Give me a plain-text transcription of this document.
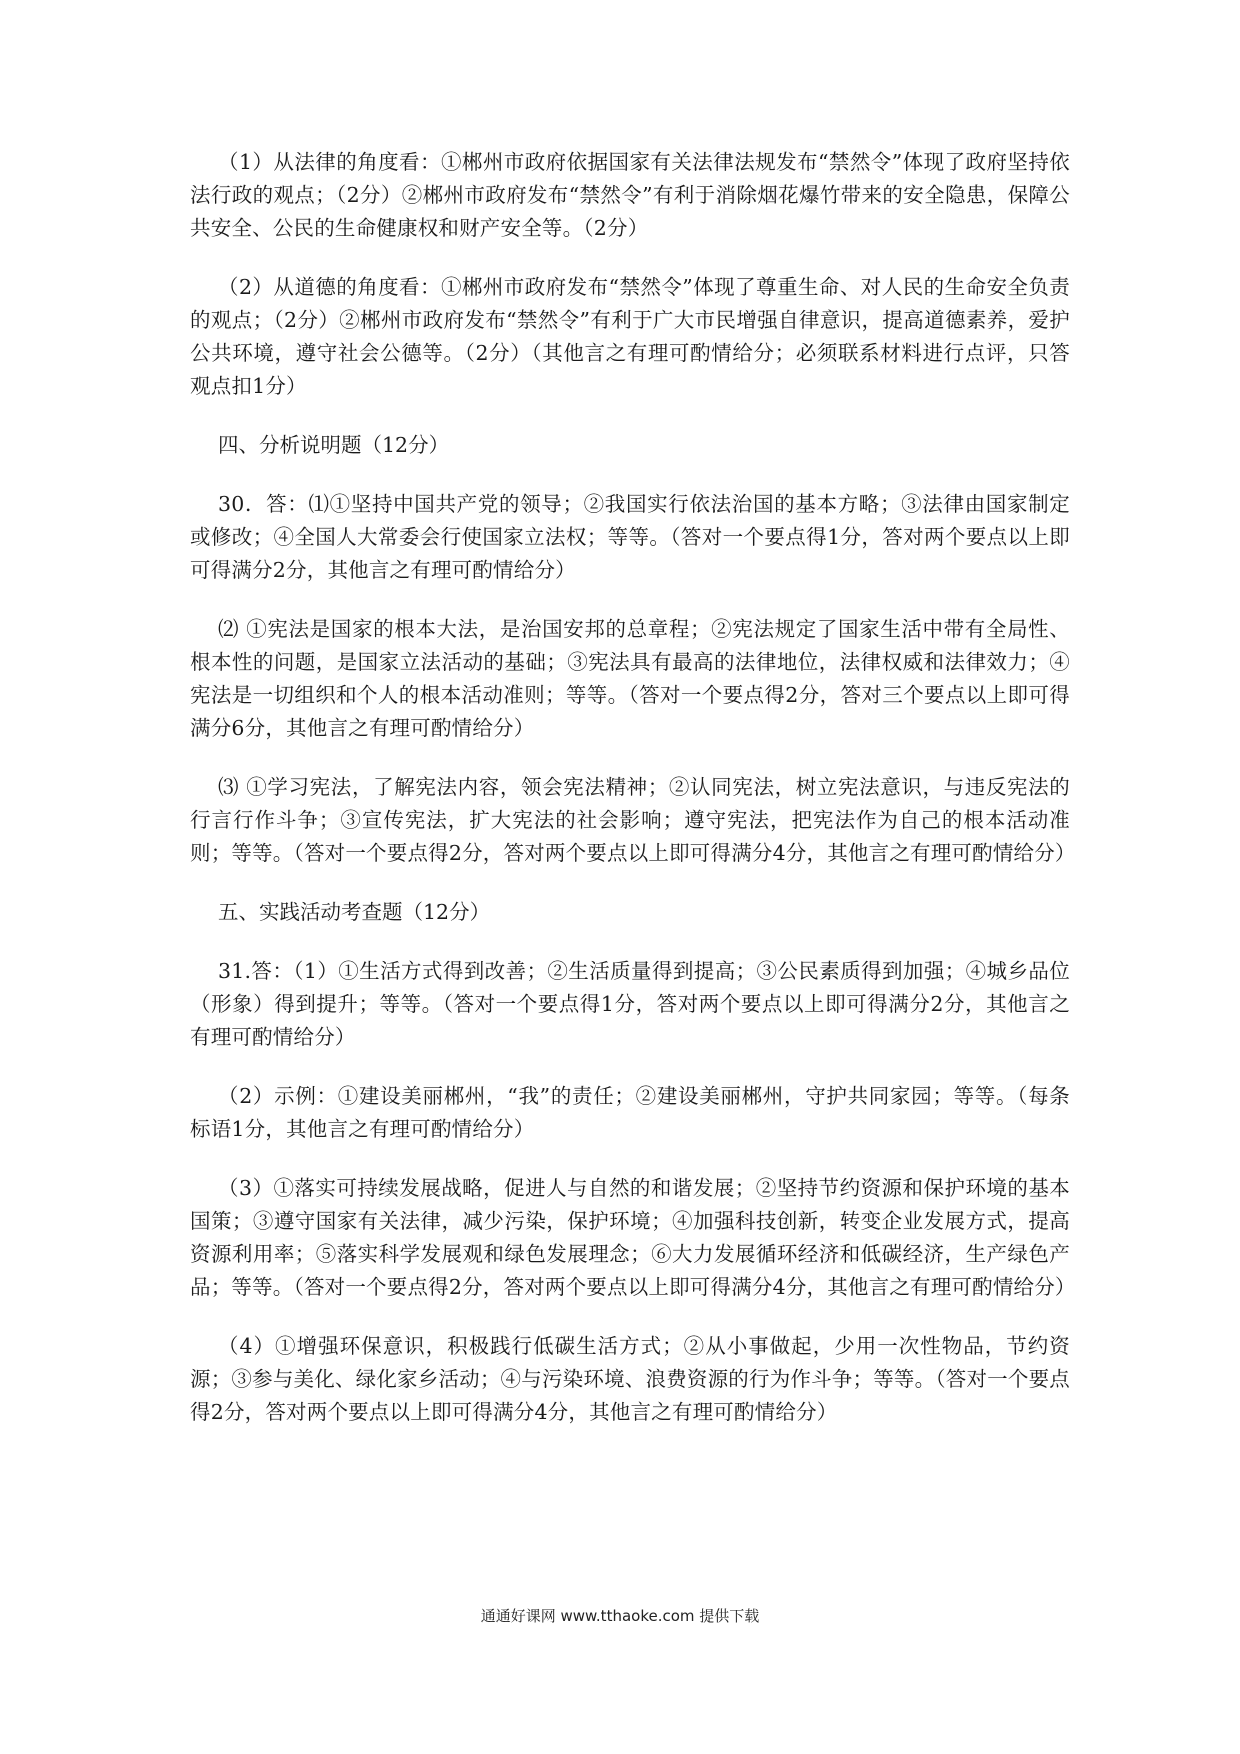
（1）从法律的角度看：①郴州市政府依据国家有关法律法规发布“禁然令”体现了政府坚持依法行政的观点；（2分）②郴州市政府发布“禁然令”有利于消除烟花爆竹带来的安全隐患，保障公共安全、公民的生命健康权和财产安全等。（2分）

（2）从道德的角度看：①郴州市政府发布“禁然令”体现了尊重生命、对人民的生命安全负责的观点；（2分）②郴州市政府发布“禁然令”有利于广大市民增强自律意识，提高道德素养，爱护公共环境，遵守社会公德等。（2分）（其他言之有理可酌情给分；必须联系材料进行点评，只答观点扣1分）

四、分析说明题（12分）

30．答：⑴①坚持中国共产党的领导；②我国实行依法治国的基本方略；③法律由国家制定或修改；④全国人大常委会行使国家立法权；等等。（答对一个要点得1分，答对两个要点以上即可得满分2分，其他言之有理可酌情给分）

⑵ ①宪法是国家的根本大法，是治国安邦的总章程；②宪法规定了国家生活中带有全局性、根本性的问题，是国家立法活动的基础；③宪法具有最高的法律地位，法律权威和法律效力；④宪法是一切组织和个人的根本活动准则；等等。（答对一个要点得2分，答对三个要点以上即可得满分6分，其他言之有理可酌情给分）

⑶ ①学习宪法，了解宪法内容，领会宪法精神；②认同宪法，树立宪法意识，与违反宪法的行言行作斗争；③宣传宪法，扩大宪法的社会影响；遵守宪法，把宪法作为自己的根本活动准则；等等。（答对一个要点得2分，答对两个要点以上即可得满分4分，其他言之有理可酌情给分）

五、实践活动考查题（12分）

31.答：（1）①生活方式得到改善；②生活质量得到提高；③公民素质得到加强；④城乡品位（形象）得到提升；等等。（答对一个要点得1分，答对两个要点以上即可得满分2分，其他言之有理可酌情给分）

（2）示例：①建设美丽郴州，“我”的责任；②建设美丽郴州，守护共同家园；等等。（每条标语1分，其他言之有理可酌情给分）

（3）①落实可持续发展战略，促进人与自然的和谐发展；②坚持节约资源和保护环境的基本国策；③遵守国家有关法律，减少污染，保护环境；④加强科技创新，转变企业发展方式，提高资源利用率；⑤落实科学发展观和绿色发展理念；⑥大力发展循环经济和低碳经济，生产绿色产品；等等。（答对一个要点得2分，答对两个要点以上即可得满分4分，其他言之有理可酌情给分）

（4）①增强环保意识，积极践行低碳生活方式；②从小事做起，少用一次性物品，节约资源；③参与美化、绿化家乡活动；④与污染环境、浪费资源的行为作斗争；等等。（答对一个要点得2分，答对两个要点以上即可得满分4分，其他言之有理可酌情给分）

通通好课网 www.tthaoke.com 提供下载
